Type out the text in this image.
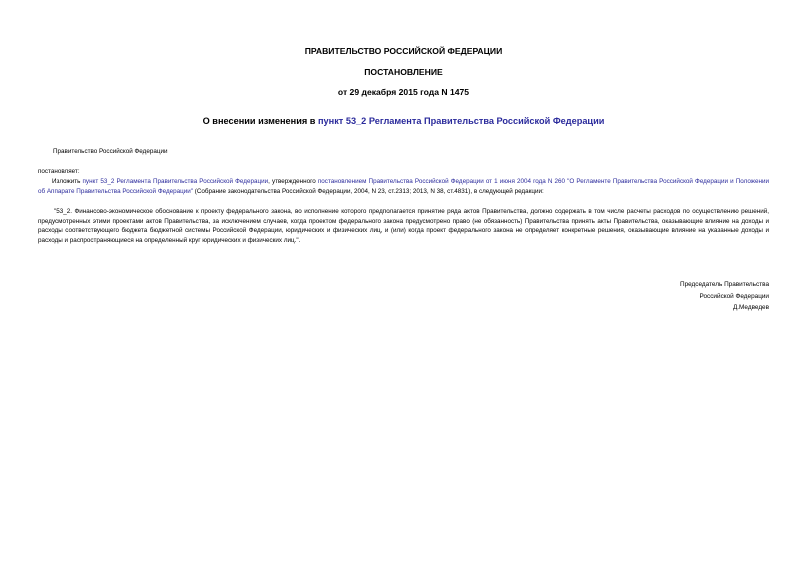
ПРАВИТЕЛЬСТВО РОССИЙСКОЙ ФЕДЕРАЦИИ
ПОСТАНОВЛЕНИЕ
от 29 декабря 2015 года N 1475
О внесении изменения в пункт 53_2 Регламента Правительства Российской Федерации

Правительство Российской Федерации

постановляет:

Изложить пункт 53_2 Регламента Правительства Российской Федерации, утвержденного постановлением Правительства Российской Федерации от 1 июня 2004 года N 260 "О Регламенте Правительства Российской Федерации и Положении об Аппарате Правительства Российской Федерации" (Собрание законодательства Российской Федерации, 2004, N 23, ст.2313; 2013, N 38, ст.4831), в следующей редакции:

"53_2. Финансово-экономическое обоснование к проекту федерального закона, во исполнение которого предполагается принятие ряда актов Правительства, должно содержать в том числе расчеты расходов по осуществлению решений, предусмотренных этими проектами актов Правительства, за исключением случаев, когда проектом федерального закона предусмотрено право (не обязанность) Правительства принять акты Правительства, оказывающие влияние на доходы и расходы соответствующего бюджета бюджетной системы Российской Федерации, юридических и физических лиц, и (или) когда проект федерального закона не определяет конкретные решения, оказывающие влияние на указанные доходы и расходы и распространяющиеся на определенный круг юридических и физических лиц.".

Председатель Правительства
Российской Федерации
Д.Медведев
